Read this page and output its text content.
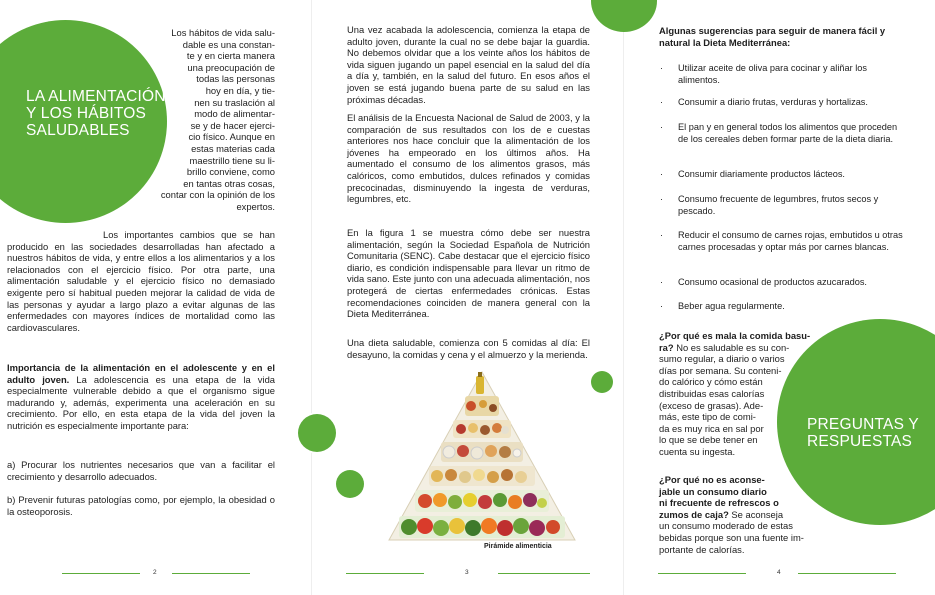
LA ALIMENTACIÓN
Y LOS HÁBITOS
SALUDABLES
Los hábitos de vida salu-
dable es una constan-
te y en cierta manera
una preocupación de
todas las personas
hoy en día, y tie-
nen su traslación al
modo de alimentar-
se y de hacer ejerci-
cio físico. Aunque en
estas materias cada
maestrillo tiene su li-
brillo conviene, como
en tantas otras cosas,
contar con la opinión de los
expertos.
Los importantes cambios que se han producido en las sociedades desarrolladas han afectado a nuestros hábitos de vida, y entre ellos a los alimentarios y a los relacionados con el ejercicio físico. Por otra parte, una alimentación saludable y el ejercicio físico no demasiado exigente pero sí habitual pueden mejorar la calidad de vida de las personas y ayudar a largo plazo a evitar algunas de las enfermedades con mayores índices de mortalidad como las cardiovasculares.
Importancia de la alimentación en el adolescente y en el adulto joven. La adolescencia es una etapa de la vida especialmente vulnerable debido a que el organismo sigue madurando y, además, experimenta una aceleración en su crecimiento. Por ello, en esta etapa de la vida del joven la nutrición es especialmente importante para:
a) Procurar los nutrientes necesarios que van a facilitar el crecimiento y desarrollo adecuados.
b) Prevenir futuras patologías como, por ejemplo, la obesidad o la osteoporosis.
2
Una vez acabada la adolescencia, comienza la etapa de adulto joven, durante la cual no se debe bajar la guardia. No debemos olvidar que a los veinte años los hábitos de vida siguen jugando un papel esencial en la salud del día a día y, también, en la salud del futuro. En esos años el joven se está jugando buena parte de su salud en las próximas décadas.
El análisis de la Encuesta Nacional de Salud de 2003, y la comparación de sus resultados con los de e cuestas anteriores nos hace concluir que la alimentación de los jóvenes ha empeorado en los últimos años. Ha aumentado el consumo de los alimentos grasos, más calóricos, como embutidos, dulces refinados y comidas precocinadas, disminuyendo la ingesta de verduras, legumbres, etc.
En la figura 1 se muestra cómo debe ser nuestra alimentación, según la Sociedad Española de Nutrición Comunitaria (SENC). Cabe destacar que el ejercicio físico diario, es condición indispensable para llevar un ritmo de vida sano. Este junto con una adecuada alimentación, nos protegerá de ciertas enfermedades crónicas. Estas recomendaciones coinciden de manera general con la Dieta Mediterránea.
Una dieta saludable, comienza con 5 comidas al día: El desayuno, la comidas y cena y el almuerzo y la merienda.
Pirámide alimenticia
3
Algunas sugerencias para seguir de manera fácil y natural la Dieta Mediterránea:
· Utilizar aceite de oliva para cocinar y aliñar los alimentos.
· Consumir a diario frutas, verduras y hortalizas.
· El pan y en general todos los alimentos que proceden de los cereales deben formar parte de la dieta diaria.
· Consumir diariamente productos lácteos.
· Consumo frecuente de legumbres, frutos secos y pescado.
· Reducir el consumo de carnes rojas, embutidos u otras carnes procesadas y optar más por carnes blancas.
· Consumo ocasional de productos azucarados.
· Beber agua regularmente.
PREGUNTAS Y
RESPUESTAS
¿Por qué es mala la comida basu-
ra? No es saludable es su con-
sumo regular, a diario o varios
días por semana. Su conteni-
do calórico y cómo están
distribuidas esas calorías
(exceso de grasas). Ade-
más, este tipo de comi-
da es muy rica en sal por
lo que se debe tener en
cuenta su ingesta.
¿Por qué no es aconse-
jable un consumo diario
ni frecuente de refrescos o
zumos de caja? Se aconseja
un consumo moderado de estas
bebidas porque son una fuente im-
portante de calorías.
4
